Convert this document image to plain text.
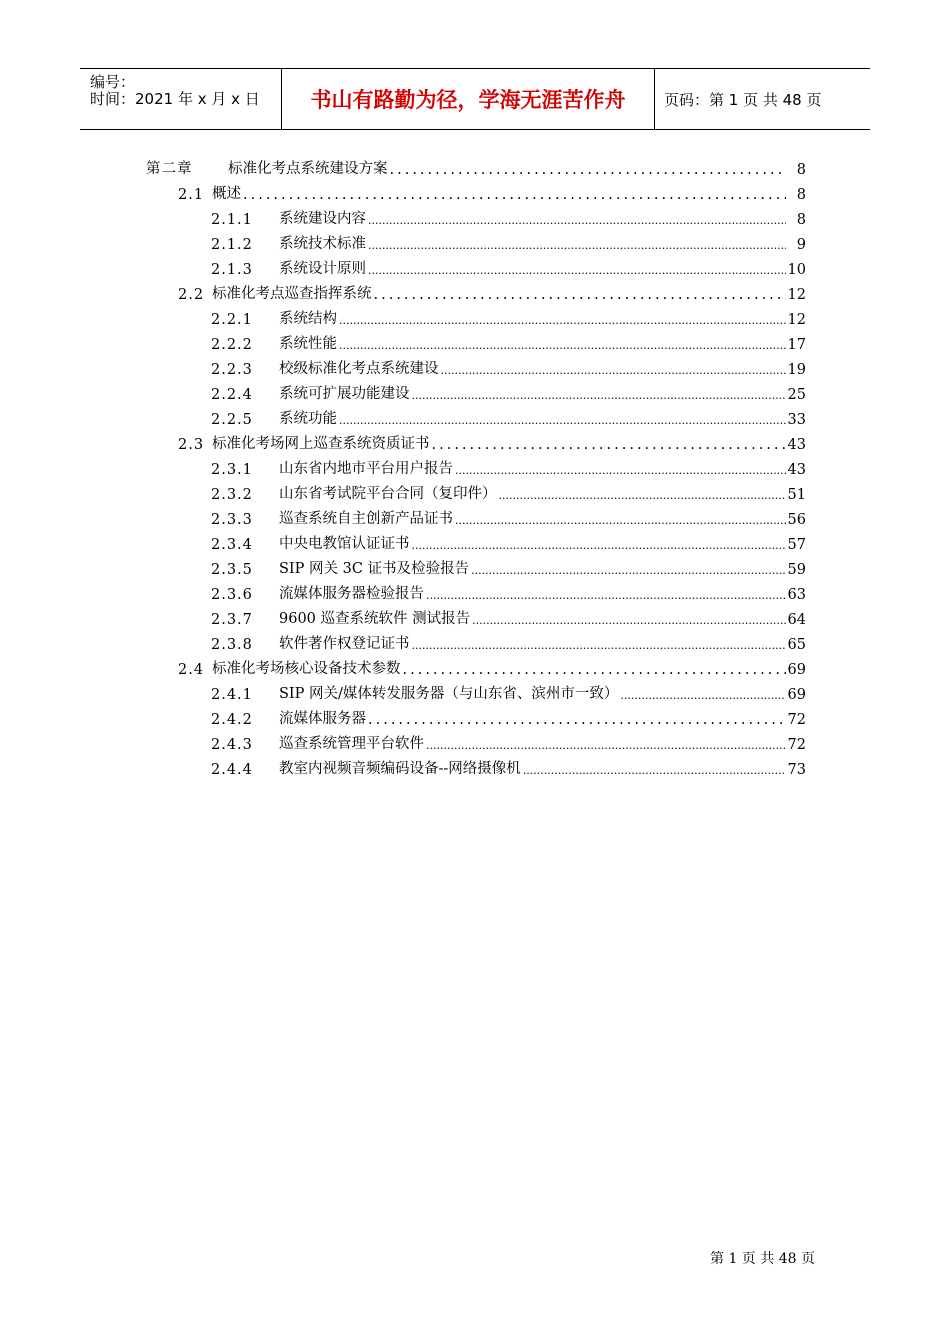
编号：
时间：2021 年 x 月 x 日	书山有路勤为径，学海无涯苦作舟	页码：第 1 页 共 48 页
第二章	标准化考点系统建设方案 .....	8
2.1 概述 .....	8
2.1.1	系统建设内容 .....	8
2.1.2	系统技术标准 .....	9
2.1.3	系统设计原则 .....	10
2.2 标准化考点巡查指挥系统 .....	12
2.2.1	系统结构 .....	12
2.2.2	系统性能 .....	17
2.2.3	校级标准化考点系统建设 .....	19
2.2.4	系统可扩展功能建设 .....	25
2.2.5	系统功能 .....	33
2.3 标准化考场网上巡查系统资质证书 .....	43
2.3.1	山东省内地市平台用户报告 .....	43
2.3.2	山东省考试院平台合同（复印件） .....	51
2.3.3	巡查系统自主创新产品证书 .....	56
2.3.4	中央电教馆认证证书 .....	57
2.3.5	SIP 网关 3C 证书及检验报告 .....	59
2.3.6	流媒体服务器检验报告 .....	63
2.3.7	9600 巡查系统软件 测试报告 .....	64
2.3.8	软件著作权登记证书 .....	65
2.4 标准化考场核心设备技术参数 .....	69
2.4.1	SIP 网关/媒体转发服务器（与山东省、滨州市一致） .....	69
2.4.2	流媒体服务器 .....	72
2.4.3	巡查系统管理平台软件 .....	72
2.4.4	教室内视频音频编码设备--网络摄像机 .....	73
第 1 页 共 48 页
